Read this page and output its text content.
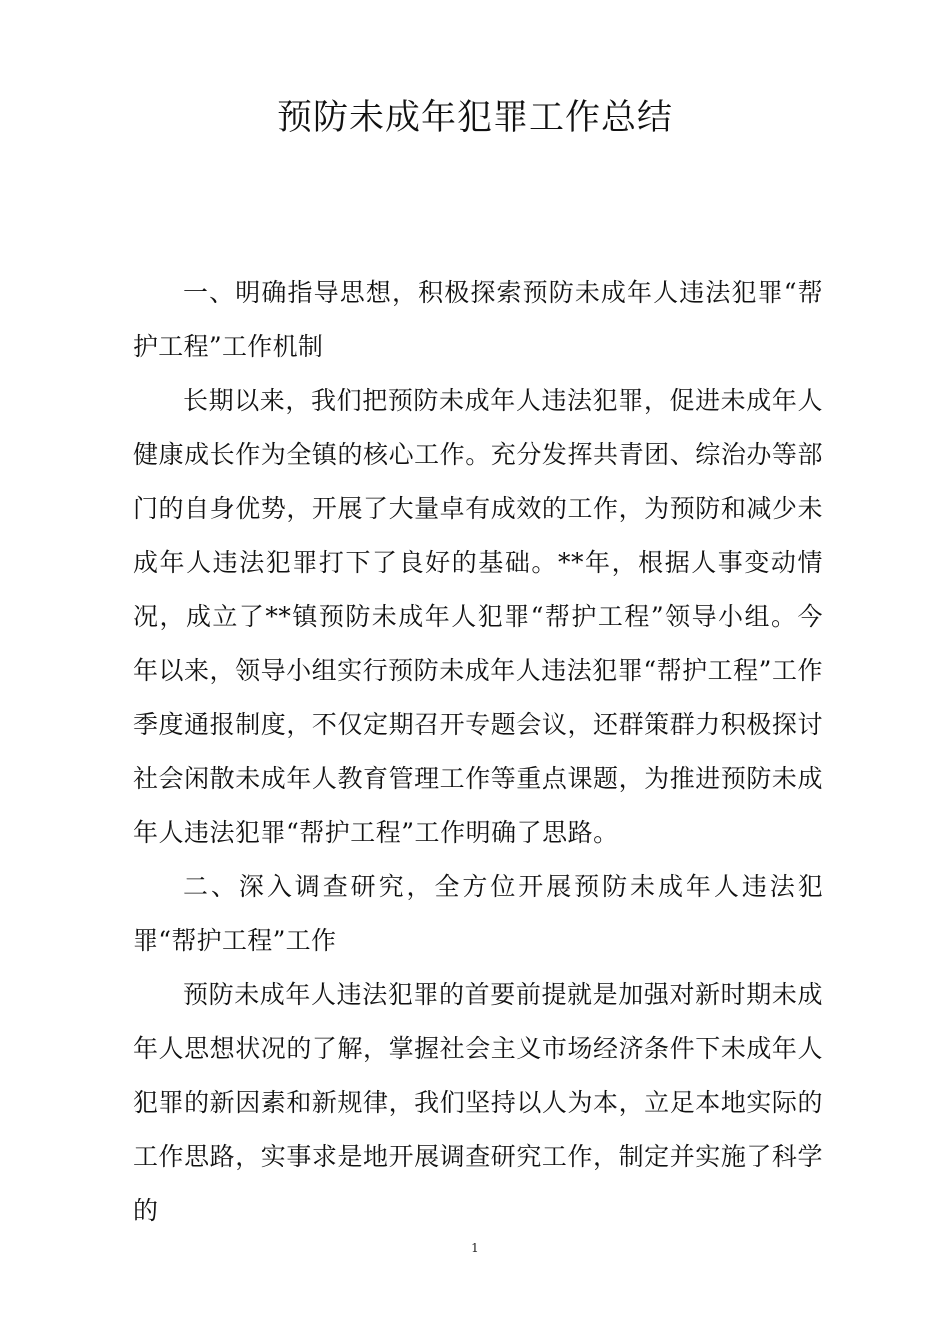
预防未成年犯罪工作总结

一、明确指导思想，积极探索预防未成年人违法犯罪“帮护工程”工作机制

长期以来，我们把预防未成年人违法犯罪，促进未成年人健康成长作为全镇的核心工作。充分发挥共青团、综治办等部门的自身优势，开展了大量卓有成效的工作，为预防和减少未成年人违法犯罪打下了良好的基础。**年，根据人事变动情况，成立了**镇预防未成年人犯罪“帮护工程”领导小组。今年以来，领导小组实行预防未成年人违法犯罪“帮护工程”工作季度通报制度，不仅定期召开专题会议，还群策群力积极探讨社会闲散未成年人教育管理工作等重点课题，为推进预防未成年人违法犯罪“帮护工程”工作明确了思路。

二、深入调查研究，全方位开展预防未成年人违法犯罪“帮护工程”工作

预防未成年人违法犯罪的首要前提就是加强对新时期未成年人思想状况的了解，掌握社会主义市场经济条件下未成年人犯罪的新因素和新规律，我们坚持以人为本，立足本地实际的工作思路，实事求是地开展调查研究工作，制定并实施了科学的

1
